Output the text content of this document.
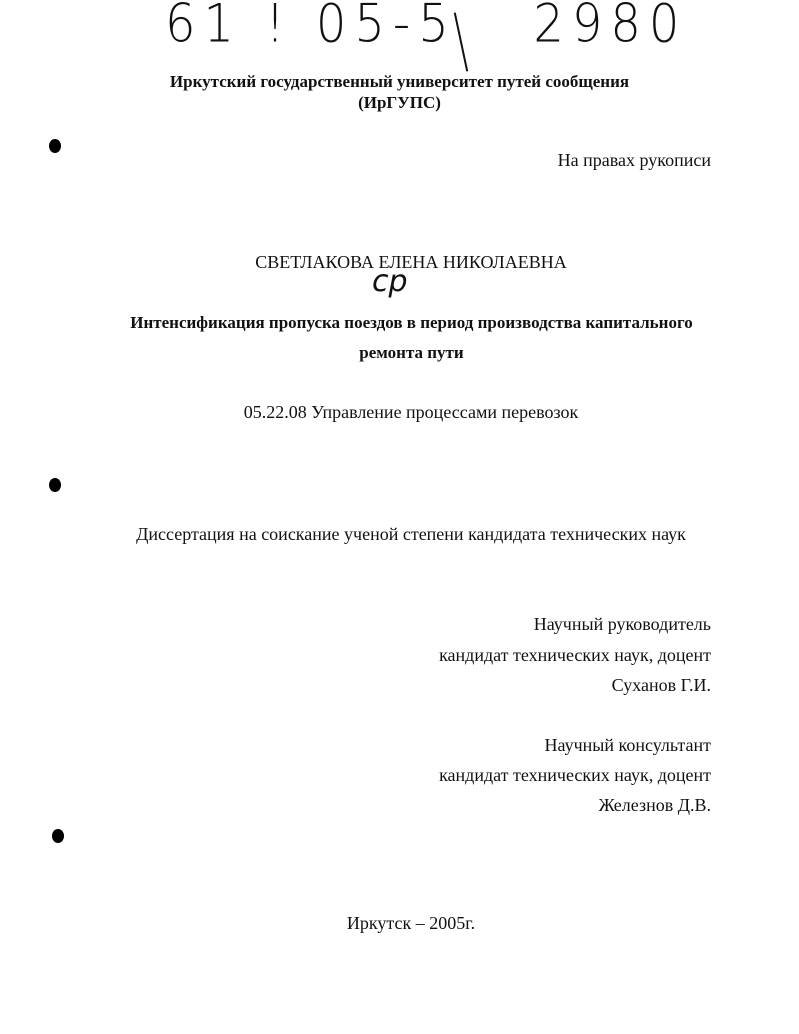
61 ! 05-5 2980
Иркутский государственный университет путей сообщения
(ИрГУПС)
На правах рукописи
СВЕТЛАКОВА ЕЛЕНА НИКОЛАЕВНА
ср
Интенсификация пропуска поездов в период производства капитального
ремонта пути
05.22.08 Управление процессами перевозок
Диссертация на соискание ученой степени кандидата технических наук
Научный руководитель
кандидат технических наук, доцент
Суханов Г.И.
Научный консультант
кандидат технических наук, доцент
Железнов Д.В.
Иркутск – 2005г.
